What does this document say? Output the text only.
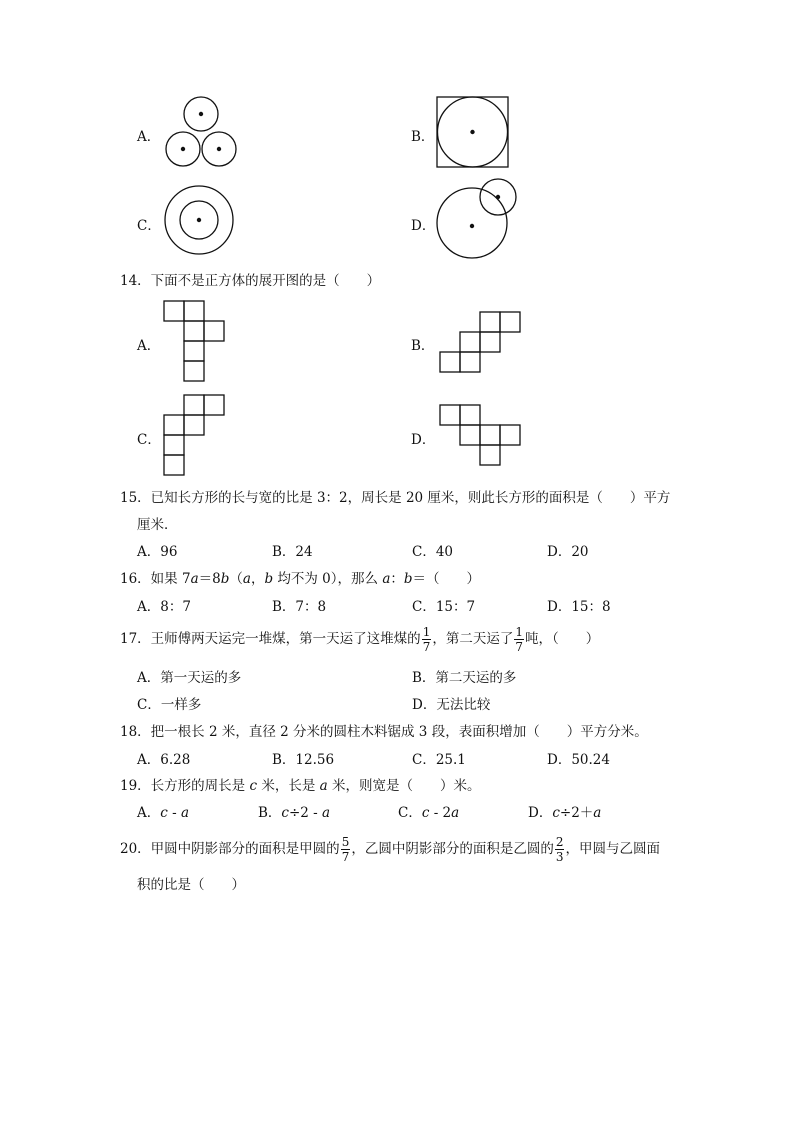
A．	B．
C．	D．
14．下面不是正方体的展开图的是（　　）
A．	B．
C．	D．
15．已知长方形的长与宽的比是 3：2，周长是 20 厘米，则此长方形的面积是（　　）平方
厘米．
A．96	B．24	C．40	D．20
16．如果 7a＝8b（a，b 均不为 0），那么 a：b＝（　　）
A．8：7	B．7：8	C．15：7	D．15：8
17．王师傅两天运完一堆煤，第一天运了这堆煤的 $\frac{1}{7}$ ，第二天运了 $\frac{1}{7}$ 吨，（　　）
A．第一天运的多	B．第二天运的多
C．一样多	D．无法比较
18．把一根长 2 米，直径 2 分米的圆柱木料锯成 3 段，表面积增加（　　）平方分米。
A．6.28	B．12.56	C．25.1	D．50.24
19．长方形的周长是 c 米，长是 a 米，则宽是（　　）米。
A．c - a	B．c÷2 - a	C．c - 2a	D．c÷2＋a
20．甲圆中阴影部分的面积是甲圆的 $\frac{5}{7}$ ，乙圆中阴影部分的面积是乙圆的 $\frac{2}{3}$ ，甲圆与乙圆面
积的比是（　　）
